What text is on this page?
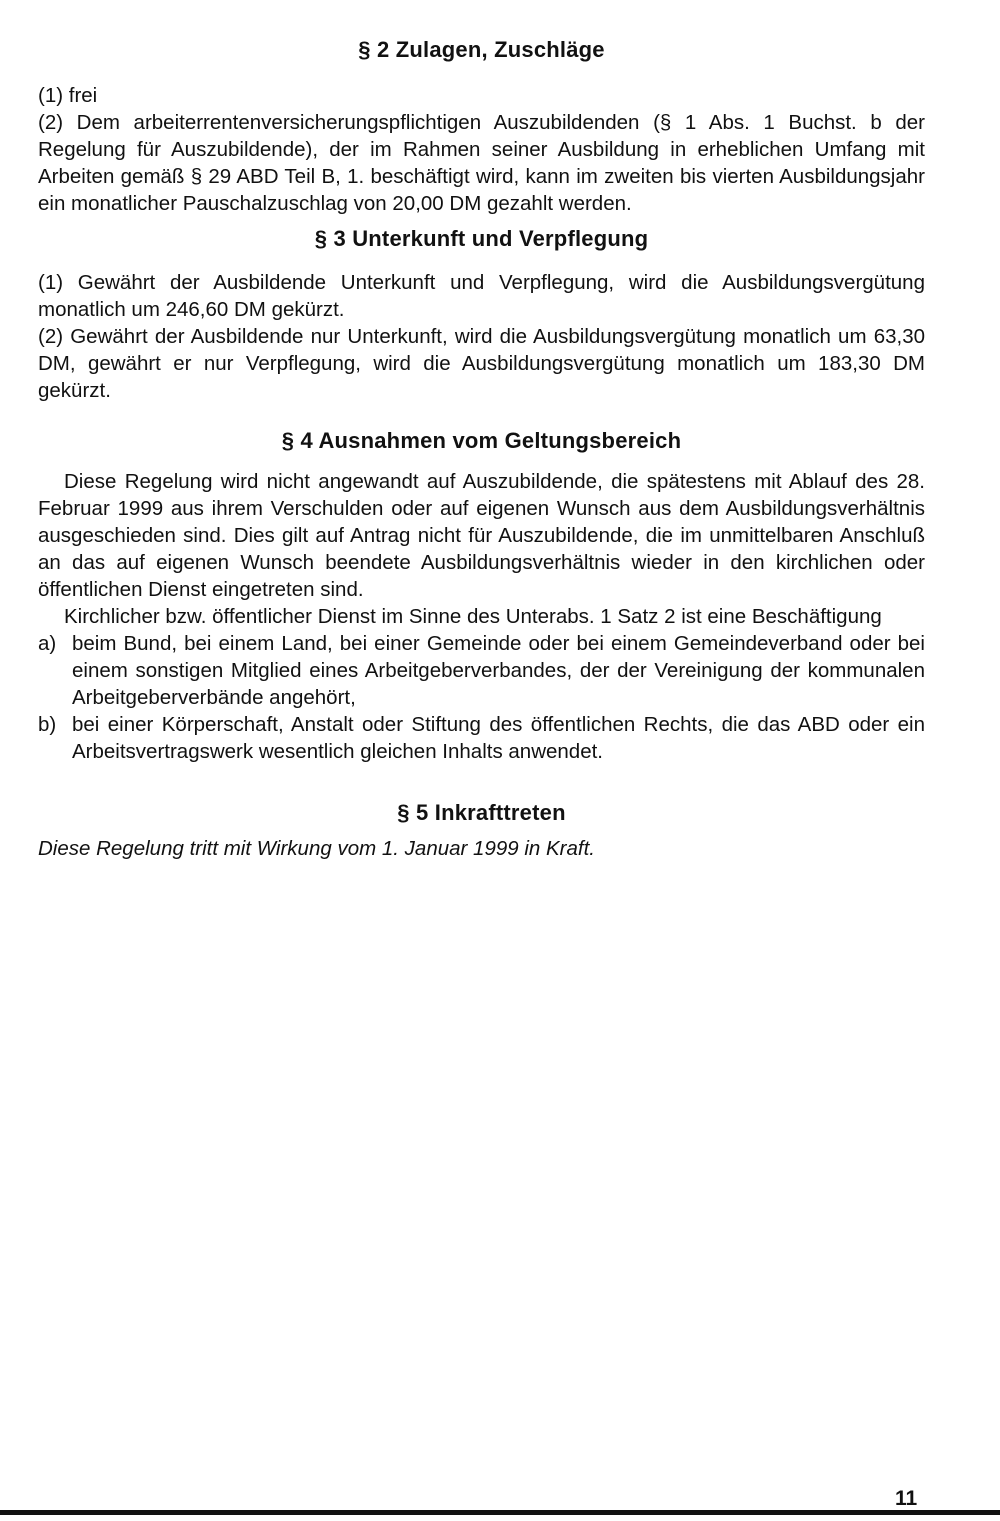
§ 2 Zulagen, Zuschläge

(1) frei

(2) Dem arbeiterrentenversicherungspflichtigen Auszubildenden (§ 1 Abs. 1 Buchst. b der Regelung für Auszubildende), der im Rahmen seiner Ausbildung in erheblichen Umfang mit Arbeiten gemäß § 29 ABD Teil B, 1. beschäftigt wird, kann im zweiten bis vierten Ausbildungsjahr ein monatlicher Pauschalzuschlag von 20,00 DM gezahlt werden.

§ 3 Unterkunft und Verpflegung

(1) Gewährt der Ausbildende Unterkunft und Verpflegung, wird die Ausbildungsvergütung monatlich um 246,60 DM gekürzt.

(2) Gewährt der Ausbildende nur Unterkunft, wird die Ausbildungsvergütung monatlich um 63,30 DM, gewährt er nur Verpflegung, wird die Ausbildungsvergütung monatlich um 183,30 DM gekürzt.

§ 4 Ausnahmen vom Geltungsbereich

Diese Regelung wird nicht angewandt auf Auszubildende, die spätestens mit Ablauf des 28. Februar 1999 aus ihrem Verschulden oder auf eigenen Wunsch aus dem Ausbildungsverhältnis ausgeschieden sind. Dies gilt auf Antrag nicht für Auszubildende, die im unmittelbaren Anschluß an das auf eigenen Wunsch beendete Ausbildungsverhältnis wieder in den kirchlichen oder öffentlichen Dienst eingetreten sind.

Kirchlicher bzw. öffentlicher Dienst im Sinne des Unterabs. 1 Satz 2 ist eine Beschäftigung

a) beim Bund, bei einem Land, bei einer Gemeinde oder bei einem Gemeindeverband oder bei einem sonstigen Mitglied eines Arbeitgeberverbandes, der der Vereinigung der kommunalen Arbeitgeberverbände angehört,
b) bei einer Körperschaft, Anstalt oder Stiftung des öffentlichen Rechts, die das ABD oder ein Arbeitsvertragswerk wesentlich gleichen Inhalts anwendet.
§ 5 Inkrafttreten

Diese Regelung tritt mit Wirkung vom 1. Januar 1999 in Kraft.

11
